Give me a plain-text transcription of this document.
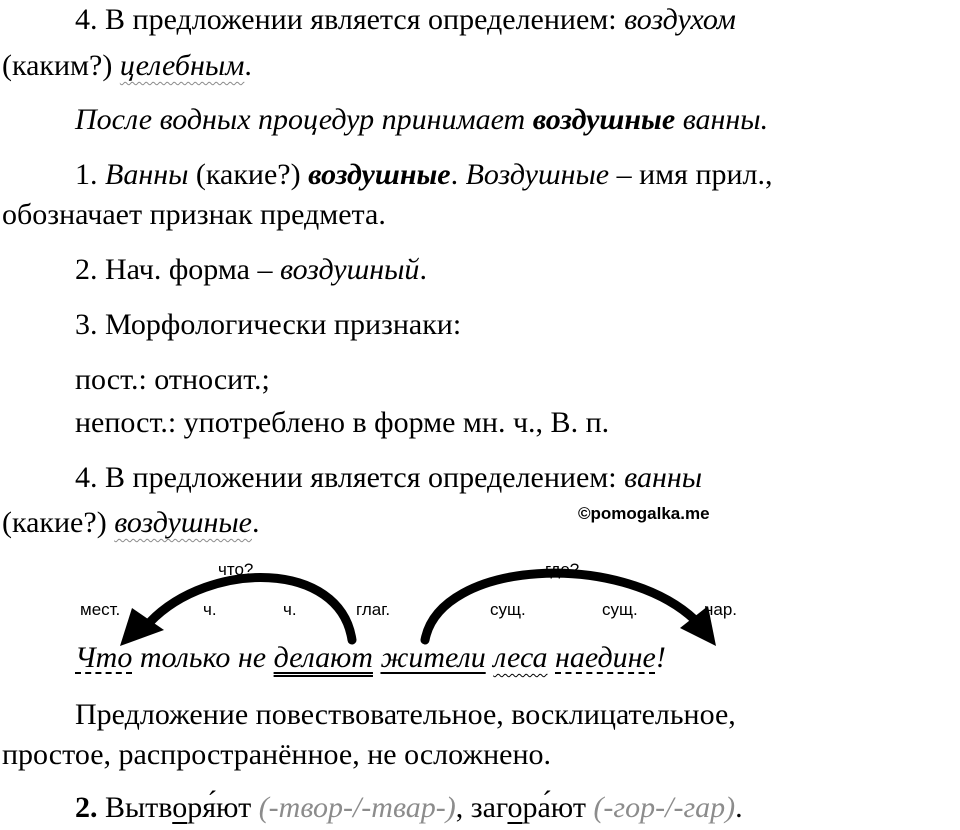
4. В предложении является определением: воздухом
(каким?) целебным.
После водных процедур принимает воздушные ванны.
1. Ванны (какие?) воздушные. Воздушные – имя прил.,
обозначает признак предмета.
2. Нач. форма – воздушный.
3. Морфологически признаки:
пост.: относит.;
непост.: употреблено в форме мн. ч., В. п.
4. В предложении является определением: ванны
(какие?) воздушные.	©pomogalka.me
что?	где?
мест.	ч.	ч.	глаг.	сущ.	сущ.	нар.
Что только не делают жители леса наедине!
Предложение повествовательное, восклицательное,
простое, распространённое, не осложнено.
2. Вытворя́ют (-твор-/-твар-), загора́ют (-гор-/-гар).
